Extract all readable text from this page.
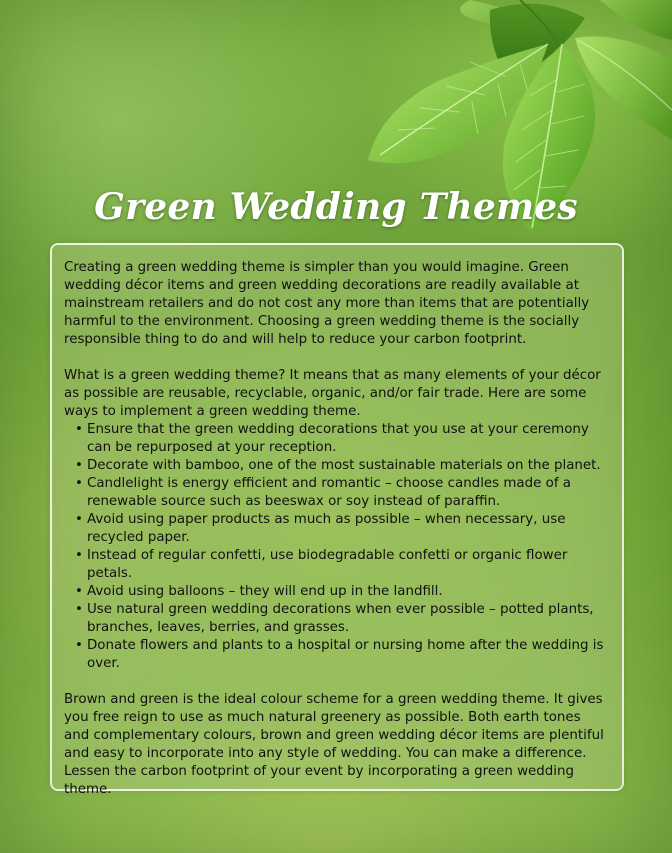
Green Wedding Themes

Creating a green wedding theme is simpler than you would imagine. Green wedding décor items and green wedding decorations are readily available at mainstream retailers and do not cost any more than items that are potentially harmful to the environment. Choosing a green wedding theme is the socially responsible thing to do and will help to reduce your carbon footprint.

What is a green wedding theme? It means that as many elements of your décor as possible are reusable, recyclable, organic, and/or fair trade. Here are some ways to implement a green wedding theme.

• Ensure that the green wedding decorations that you use at your ceremony can be repurposed at your reception.
• Decorate with bamboo, one of the most sustainable materials on the planet.
• Candlelight is energy efficient and romantic – choose candles made of a renewable source such as beeswax or soy instead of paraffin.
• Avoid using paper products as much as possible – when necessary, use recycled paper.
• Instead of regular confetti, use biodegradable confetti or organic flower petals.
• Avoid using balloons – they will end up in the landfill.
• Use natural green wedding decorations when ever possible – potted plants, branches, leaves, berries, and grasses.
• Donate flowers and plants to a hospital or nursing home after the wedding is over.

Brown and green is the ideal colour scheme for a green wedding theme. It gives you free reign to use as much natural greenery as possible. Both earth tones and complementary colours, brown and green wedding décor items are plentiful and easy to incorporate into any style of wedding. You can make a difference. Lessen the carbon footprint of your event by incorporating a green wedding theme.
